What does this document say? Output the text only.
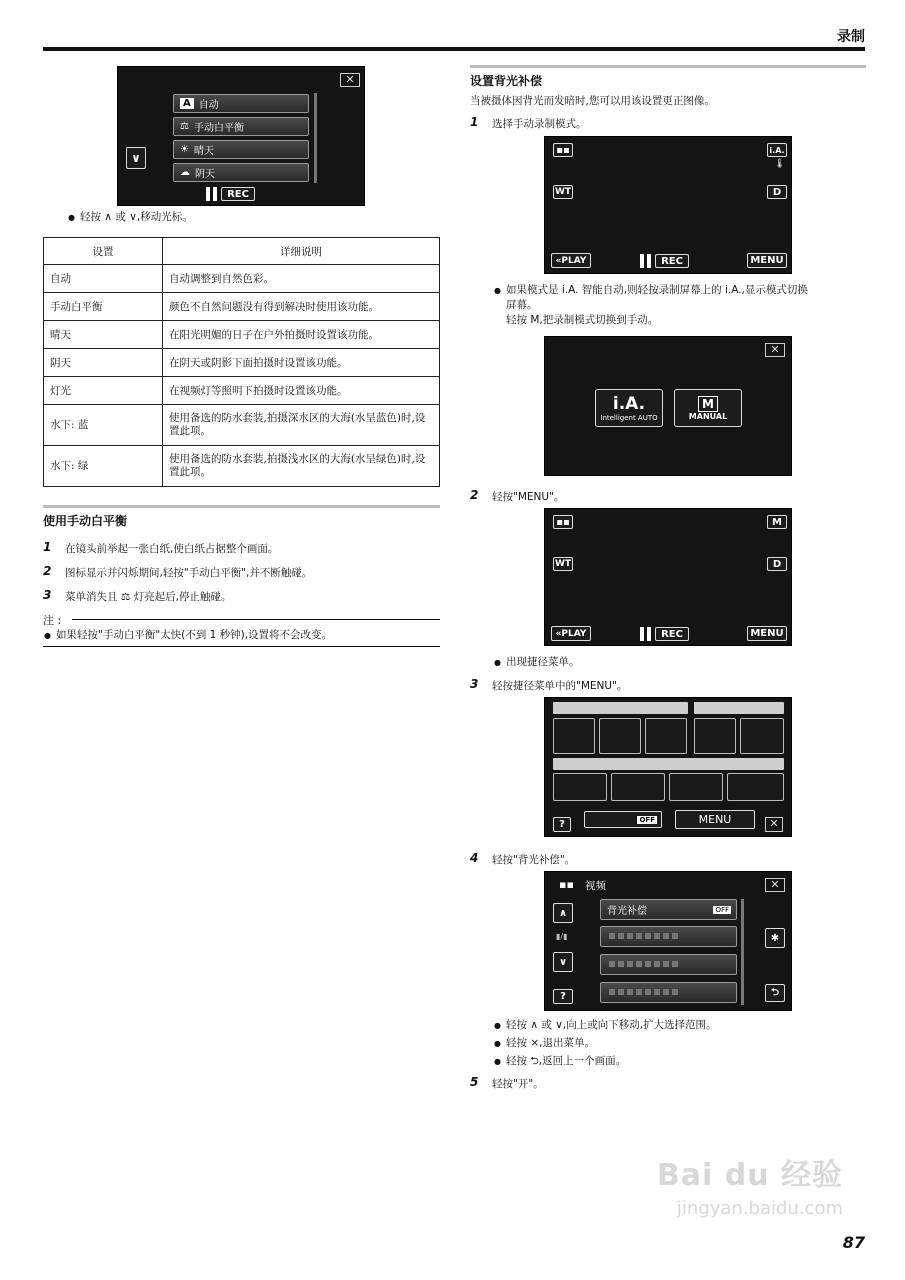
录制
✕
∨
A 自动
⚖ 手动白平衡
☀ 晴天
☁ 阴天
REC
● 轻按 ∧ 或 ∨,移动光标。
设置	详细说明
自动	自动调整到自然色彩。
手动白平衡	颜色不自然问题没有得到解决时使用该功能。
晴天	在阳光明媚的日子在户外拍摄时设置该功能。
阴天	在阴天或阴影下面拍摄时设置该功能。
灯光	在视频灯等照明下拍摄时设置该功能。
水下: 蓝	使用备选的防水套装,拍摄深水区的大海(水呈蓝色)时,设置此项。
水下: 绿	使用备选的防水套装,拍摄浅水区的大海(水呈绿色)时,设置此项。
使用手动白平衡
1 在镜头前举起一张白纸,使白纸占据整个画面。
2 图标显示并闪烁期间,轻按"手动白平衡",并不断触碰。
3 菜单消失且 ⚖ 灯亮起后,停止触碰。
注 :
● 如果轻按"手动白平衡"太快(不到 1 秒钟),设置将不会改变。
设置背光补偿
当被摄体因背光而发暗时,您可以用该设置更正图像。
1 选择手动录制模式。
▪▪	i.A.
🌡
WT	D
«PLAY	REC	MENU
● 如果模式是 i.A. 智能自动,则轻按录制屏幕上的 i.A.,显示模式切换
屏幕。
轻按 M,把录制模式切换到手动。
✕
i.A.
Intelligent AUTO
M
MANUAL
2 轻按"MENU"。
▪▪	M
WT	D
«PLAY	REC	MENU
● 出现捷径菜单。
3 轻按捷径菜单中的"MENU"。
?	OFF	MENU	✕
4 轻按"背光补偿"。
▪▪ 视频	✕
∧
▮/▮
∨
?
背光补偿	OFF
✱
⮌
● 轻按 ∧ 或 ∨,向上或向下移动,扩大选择范围。
● 轻按 ×,退出菜单。
● 轻按 ⮌,返回上一个画面。
5 轻按"开"。
Bai du 经验
jingyan.baidu.com
87
